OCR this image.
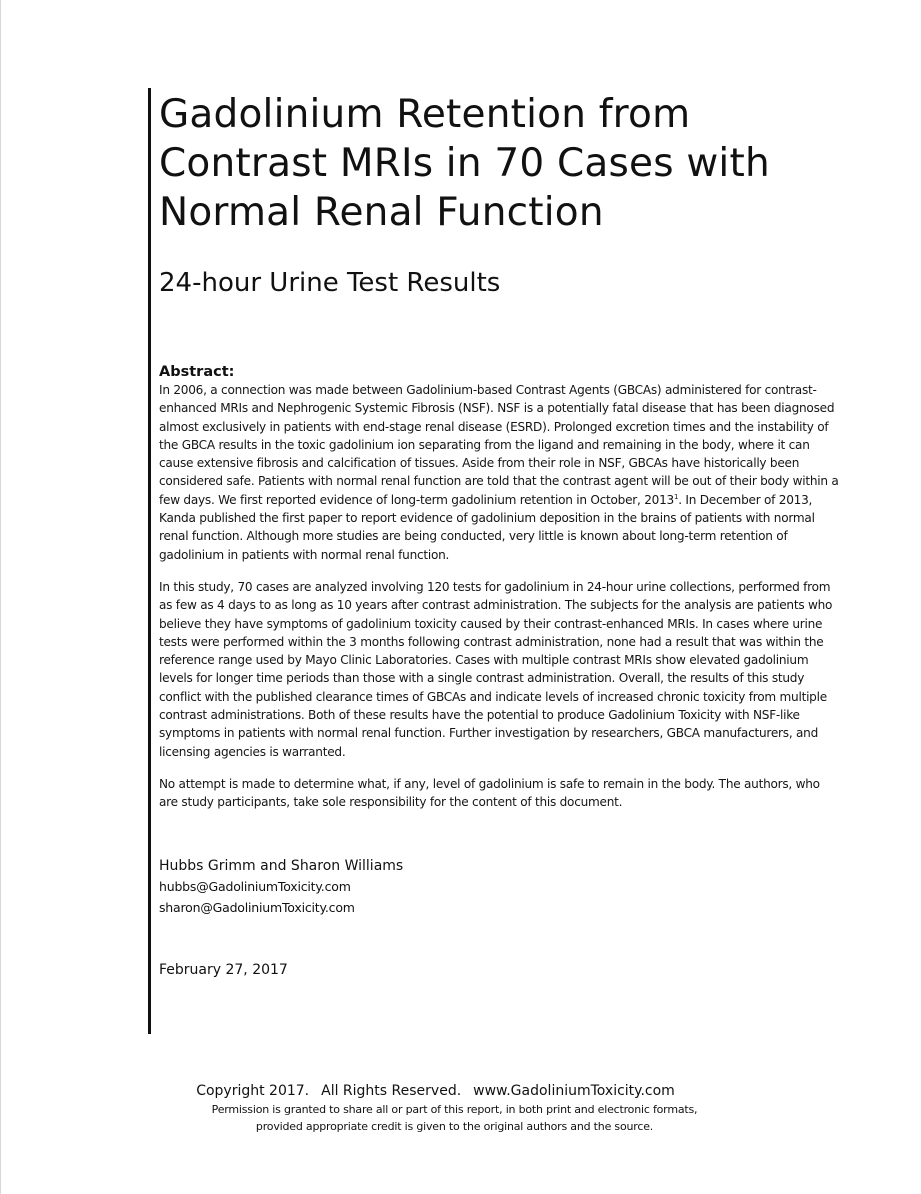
Gadolinium Retention from
Contrast MRIs in 70 Cases with
Normal Renal Function
24-hour Urine Test Results
Abstract:

In 2006, a connection was made between Gadolinium-based Contrast Agents (GBCAs) administered for contrast-enhanced MRIs and Nephrogenic Systemic Fibrosis (NSF). NSF is a potentially fatal disease that has been diagnosed almost exclusively in patients with end-stage renal disease (ESRD). Prolonged excretion times and the instability of the GBCA results in the toxic gadolinium ion separating from the ligand and remaining in the body, where it can cause extensive fibrosis and calcification of tissues. Aside from their role in NSF, GBCAs have historically been considered safe. Patients with normal renal function are told that the contrast agent will be out of their body within a few days. We first reported evidence of long-term gadolinium retention in October, 2013$^1$. In December of 2013, Kanda published the first paper to report evidence of gadolinium deposition in the brains of patients with normal renal function. Although more studies are being conducted, very little is known about long-term retention of gadolinium in patients with normal renal function.

In this study, 70 cases are analyzed involving 120 tests for gadolinium in 24-hour urine collections, performed from as few as 4 days to as long as 10 years after contrast administration. The subjects for the analysis are patients who believe they have symptoms of gadolinium toxicity caused by their contrast-enhanced MRIs. In cases where urine tests were performed within the 3 months following contrast administration, none had a result that was within the reference range used by Mayo Clinic Laboratories. Cases with multiple contrast MRIs show elevated gadolinium levels for longer time periods than those with a single contrast administration. Overall, the results of this study conflict with the published clearance times of GBCAs and indicate levels of increased chronic toxicity from multiple contrast administrations. Both of these results have the potential to produce Gadolinium Toxicity with NSF-like symptoms in patients with normal renal function. Further investigation by researchers, GBCA manufacturers, and licensing agencies is warranted.

No attempt is made to determine what, if any, level of gadolinium is safe to remain in the body. The authors, who are study participants, take sole responsibility for the content of this document.

Hubbs Grimm and Sharon Williams

hubbs@GadoliniumToxicity.com

sharon@GadoliniumToxicity.com

February 27, 2017

Copyright 2017. All Rights Reserved. www.GadoliniumToxicity.com

Permission is granted to share all or part of this report, in both print and electronic formats,

provided appropriate credit is given to the original authors and the source.
